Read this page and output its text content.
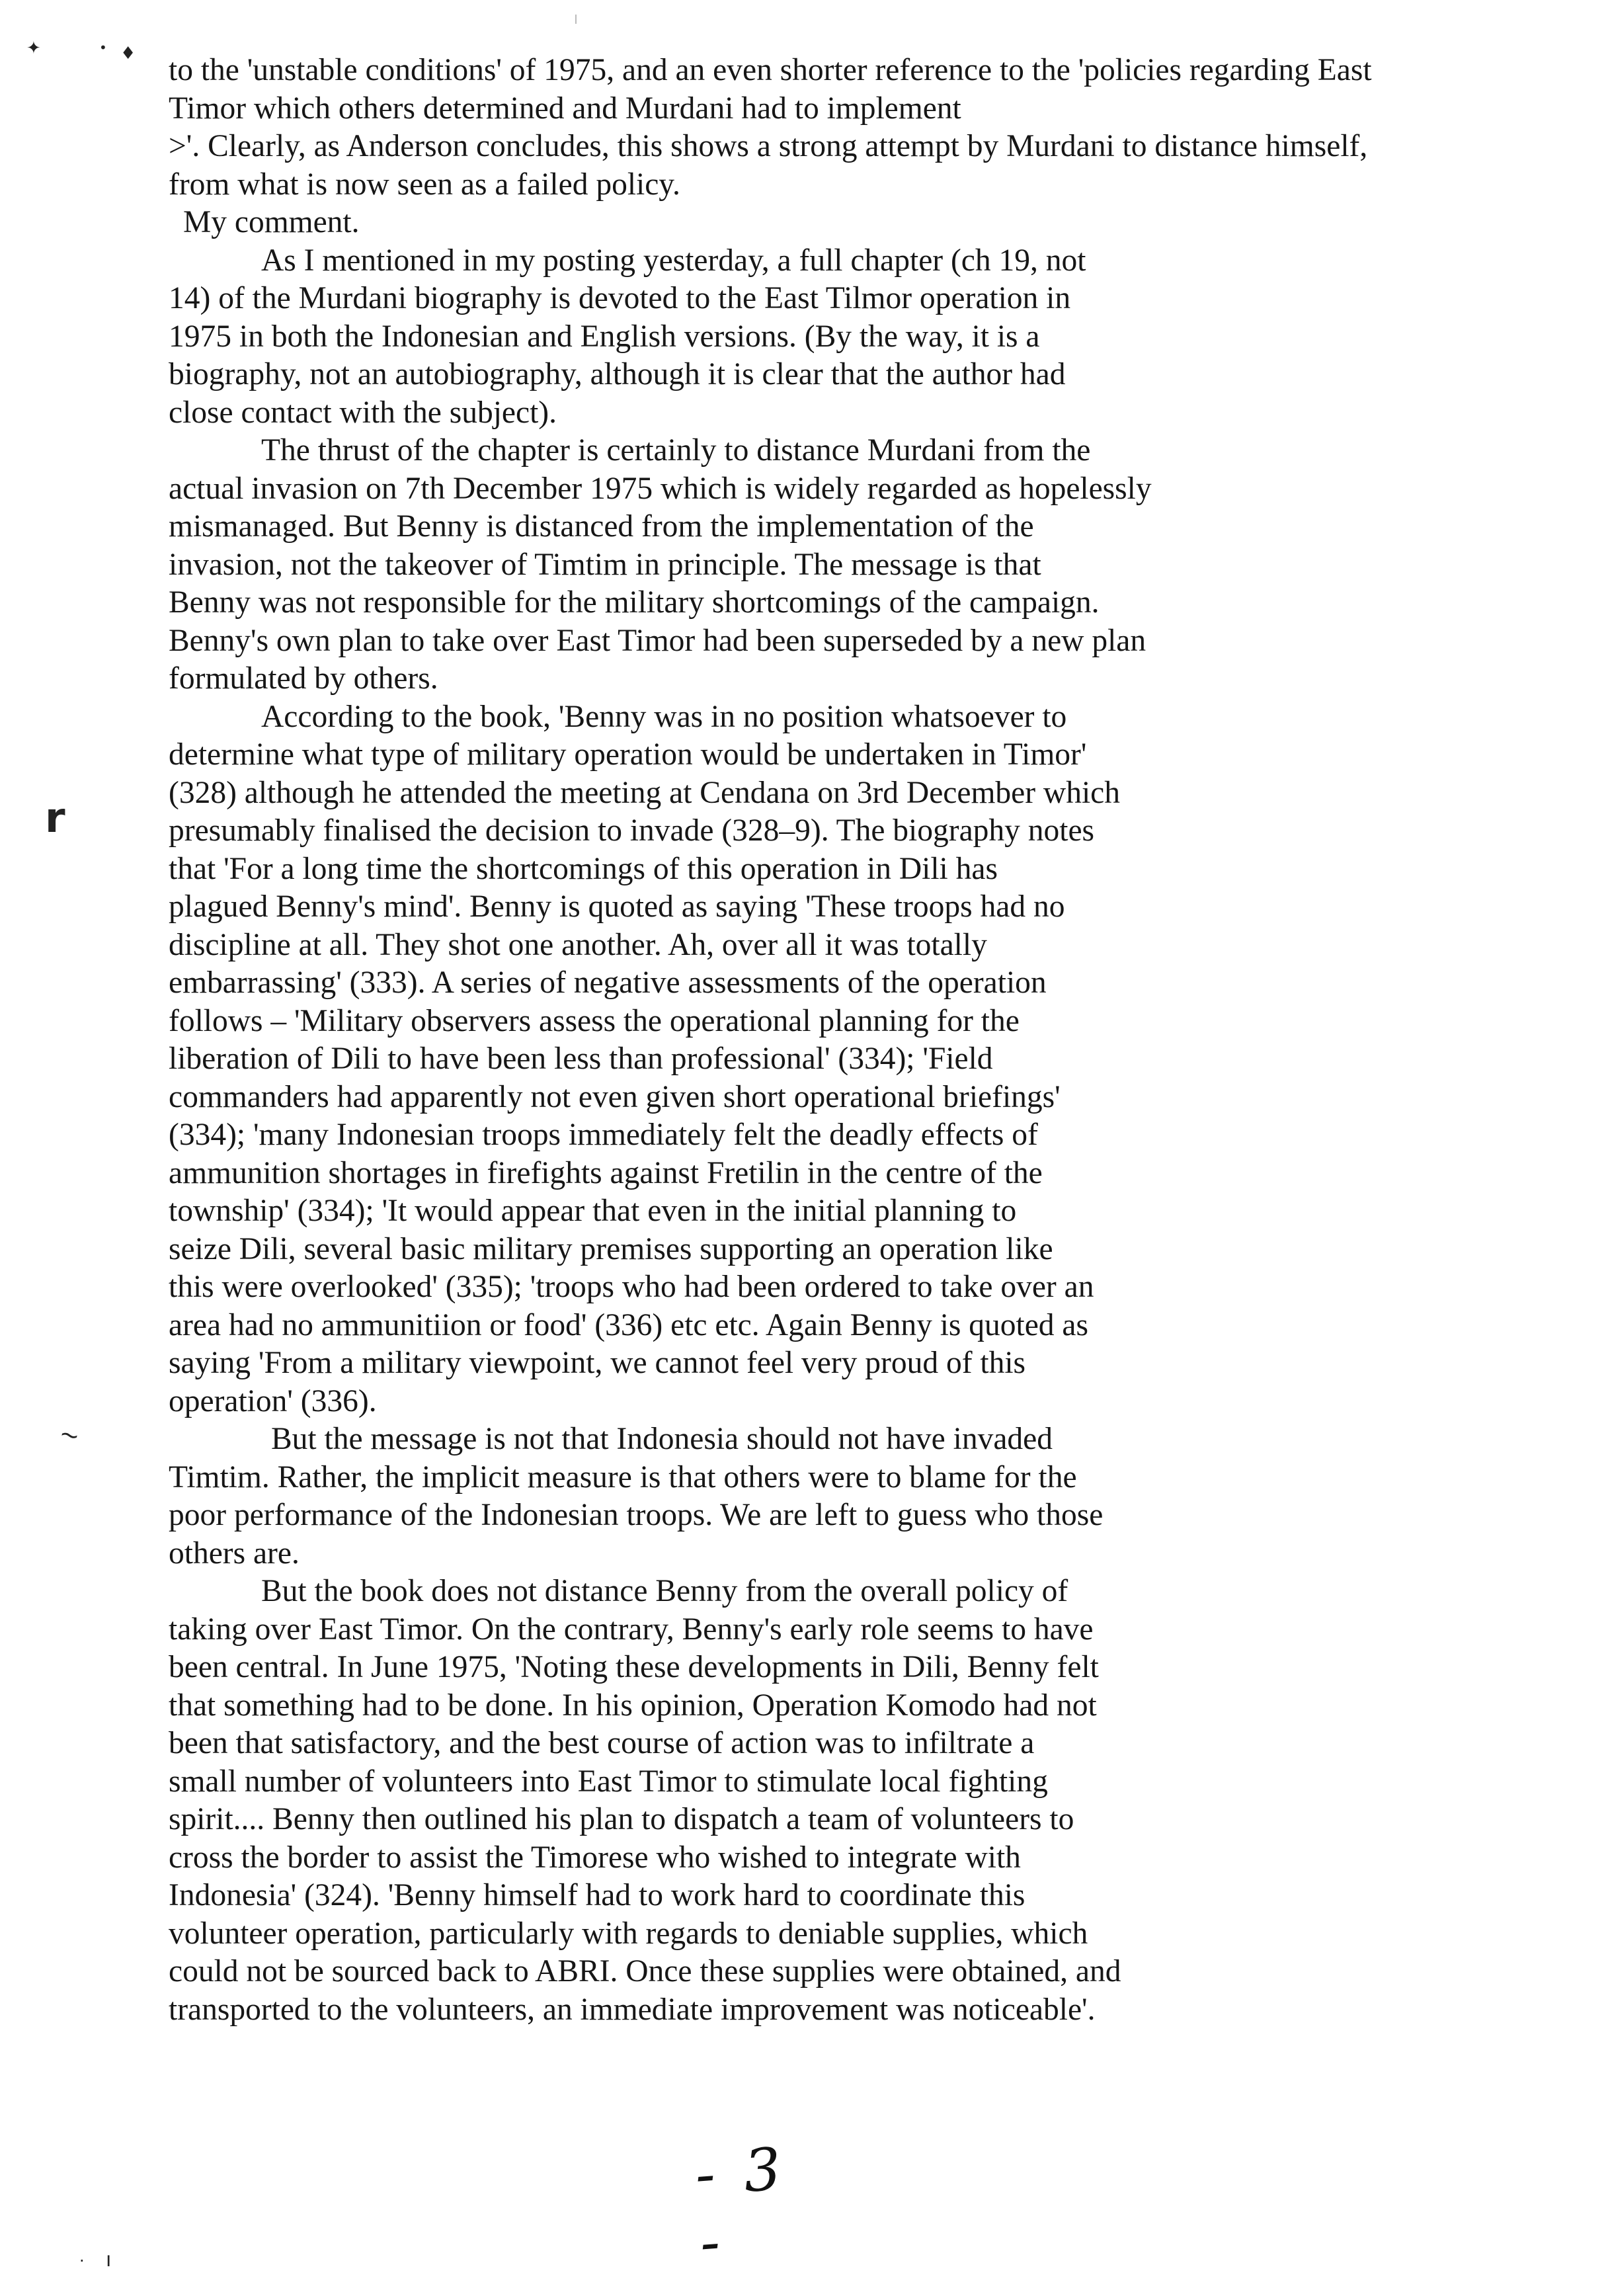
✦	• ♦
r
~
· ı

to the 'unstable conditions' of 1975, and an even shorter reference to the 'policies regarding East
Timor which others determined and Murdani had to implement
>'. Clearly, as Anderson concludes, this shows a strong attempt by Murdani to distance himself,
from what is now seen as a failed policy.

My comment.

As I mentioned in my posting yesterday, a full chapter (ch 19, not
14) of the Murdani biography is devoted to the East Tilmor operation in
1975 in both the Indonesian and English versions. (By the way, it is a
biography, not an autobiography, although it is clear that the author had
close contact with the subject).

The thrust of the chapter is certainly to distance Murdani from the
actual invasion on 7th December 1975 which is widely regarded as hopelessly
mismanaged. But Benny is distanced from the implementation of the
invasion, not the takeover of Timtim in principle. The message is that
Benny was not responsible for the military shortcomings of the campaign.
Benny's own plan to take over East Timor had been superseded by a new plan
formulated by others.

According to the book, 'Benny was in no position whatsoever to
determine what type of military operation would be undertaken in Timor'
(328) although he attended the meeting at Cendana on 3rd December which
presumably finalised the decision to invade (328–9). The biography notes
that 'For a long time the shortcomings of this operation in Dili has
plagued Benny's mind'. Benny is quoted as saying 'These troops had no
discipline at all. They shot one another. Ah, over all it was totally
embarrassing' (333). A series of negative assessments of the operation
follows – 'Military observers assess the operational planning for the
liberation of Dili to have been less than professional' (334); 'Field
commanders had apparently not even given short operational briefings'
(334); 'many Indonesian troops immediately felt the deadly effects of
ammunition shortages in firefights against Fretilin in the centre of the
township' (334); 'It would appear that even in the initial planning to
seize Dili, several basic military premises supporting an operation like
this were overlooked' (335); 'troops who had been ordered to take over an
area had no ammunitiion or food' (336) etc etc. Again Benny is quoted as
saying 'From a military viewpoint, we cannot feel very proud of this
operation' (336).

But the message is not that Indonesia should not have invaded
Timtim. Rather, the implicit measure is that others were to blame for the
poor performance of the Indonesian troops. We are left to guess who those
others are.

But the book does not distance Benny from the overall policy of
taking over East Timor. On the contrary, Benny's early role seems to have
been central. In June 1975, 'Noting these developments in Dili, Benny felt
that something had to be done. In his opinion, Operation Komodo had not
been that satisfactory, and the best course of action was to infiltrate a
small number of volunteers into East Timor to stimulate local fighting
spirit.... Benny then outlined his plan to dispatch a team of volunteers to
cross the border to assist the Timorese who wished to integrate with
Indonesia' (324). 'Benny himself had to work hard to coordinate this
volunteer operation, particularly with regards to deniable supplies, which
could not be sourced back to ABRI. Once these supplies were obtained, and
transported to the volunteers, an immediate improvement was noticeable'.

- 3 -
